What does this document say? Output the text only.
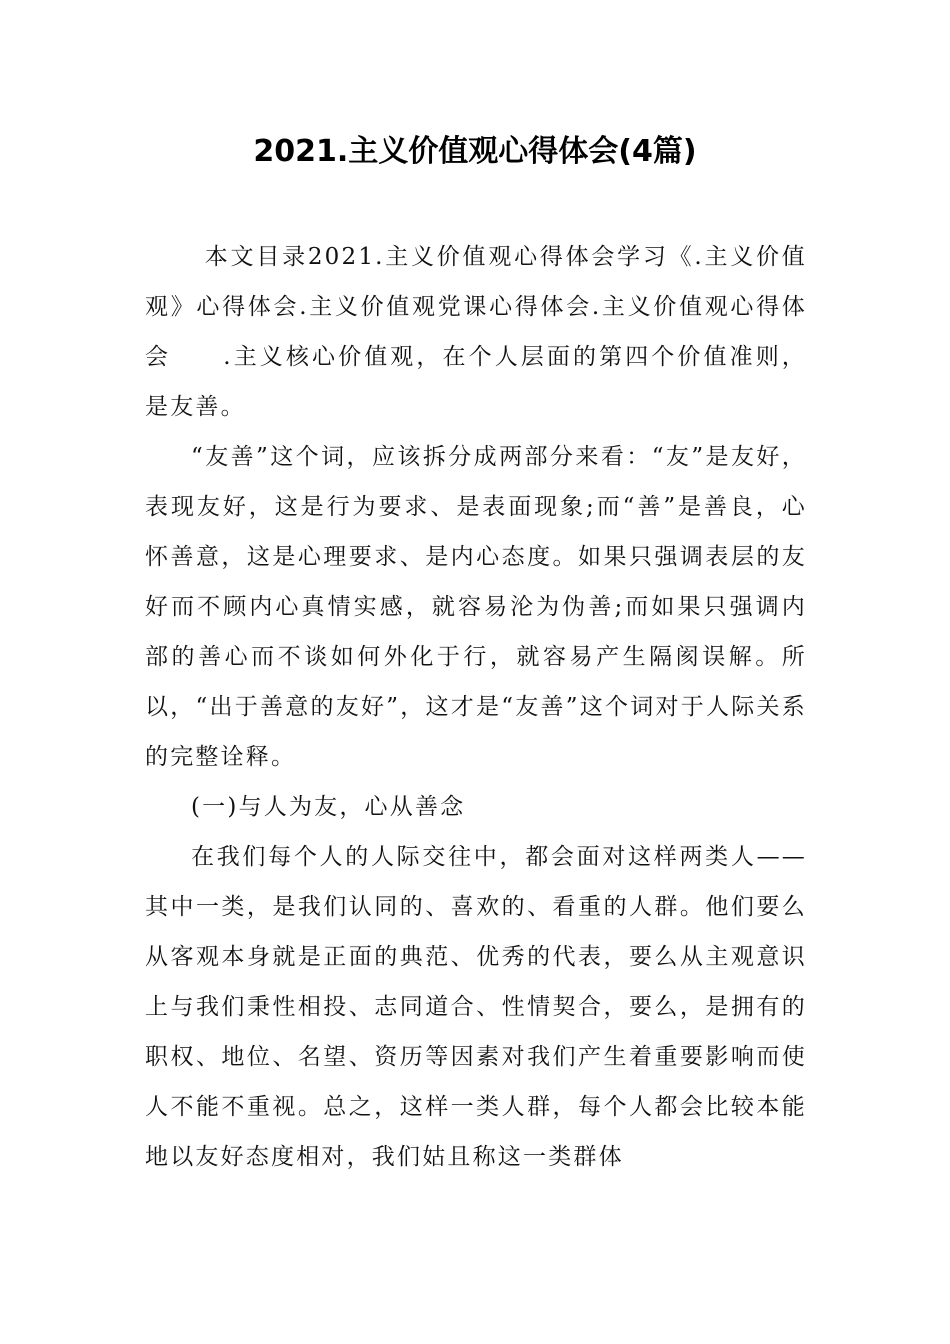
2021.主义价值观心得体会(4篇)

本文目录2021.主义价值观心得体会学习《.主义价值观》心得体会.主义价值观党课心得体会.主义价值观心得体会　　.主义核心价值观，在个人层面的第四个价值准则，是友善。

“友善”这个词，应该拆分成两部分来看：“友”是友好，表现友好，这是行为要求、是表面现象;而“善”是善良，心怀善意，这是心理要求、是内心态度。如果只强调表层的友好而不顾内心真情实感，就容易沦为伪善;而如果只强调内部的善心而不谈如何外化于行，就容易产生隔阂误解。所以，“出于善意的友好”，这才是“友善”这个词对于人际关系的完整诠释。

(一)与人为友，心从善念

在我们每个人的人际交往中，都会面对这样两类人——其中一类，是我们认同的、喜欢的、看重的人群。他们要么从客观本身就是正面的典范、优秀的代表，要么从主观意识上与我们秉性相投、志同道合、性情契合，要么，是拥有的职权、地位、名望、资历等因素对我们产生着重要影响而使人不能不重视。总之，这样一类人群，每个人都会比较本能地以友好态度相对，我们姑且称这一类群体
